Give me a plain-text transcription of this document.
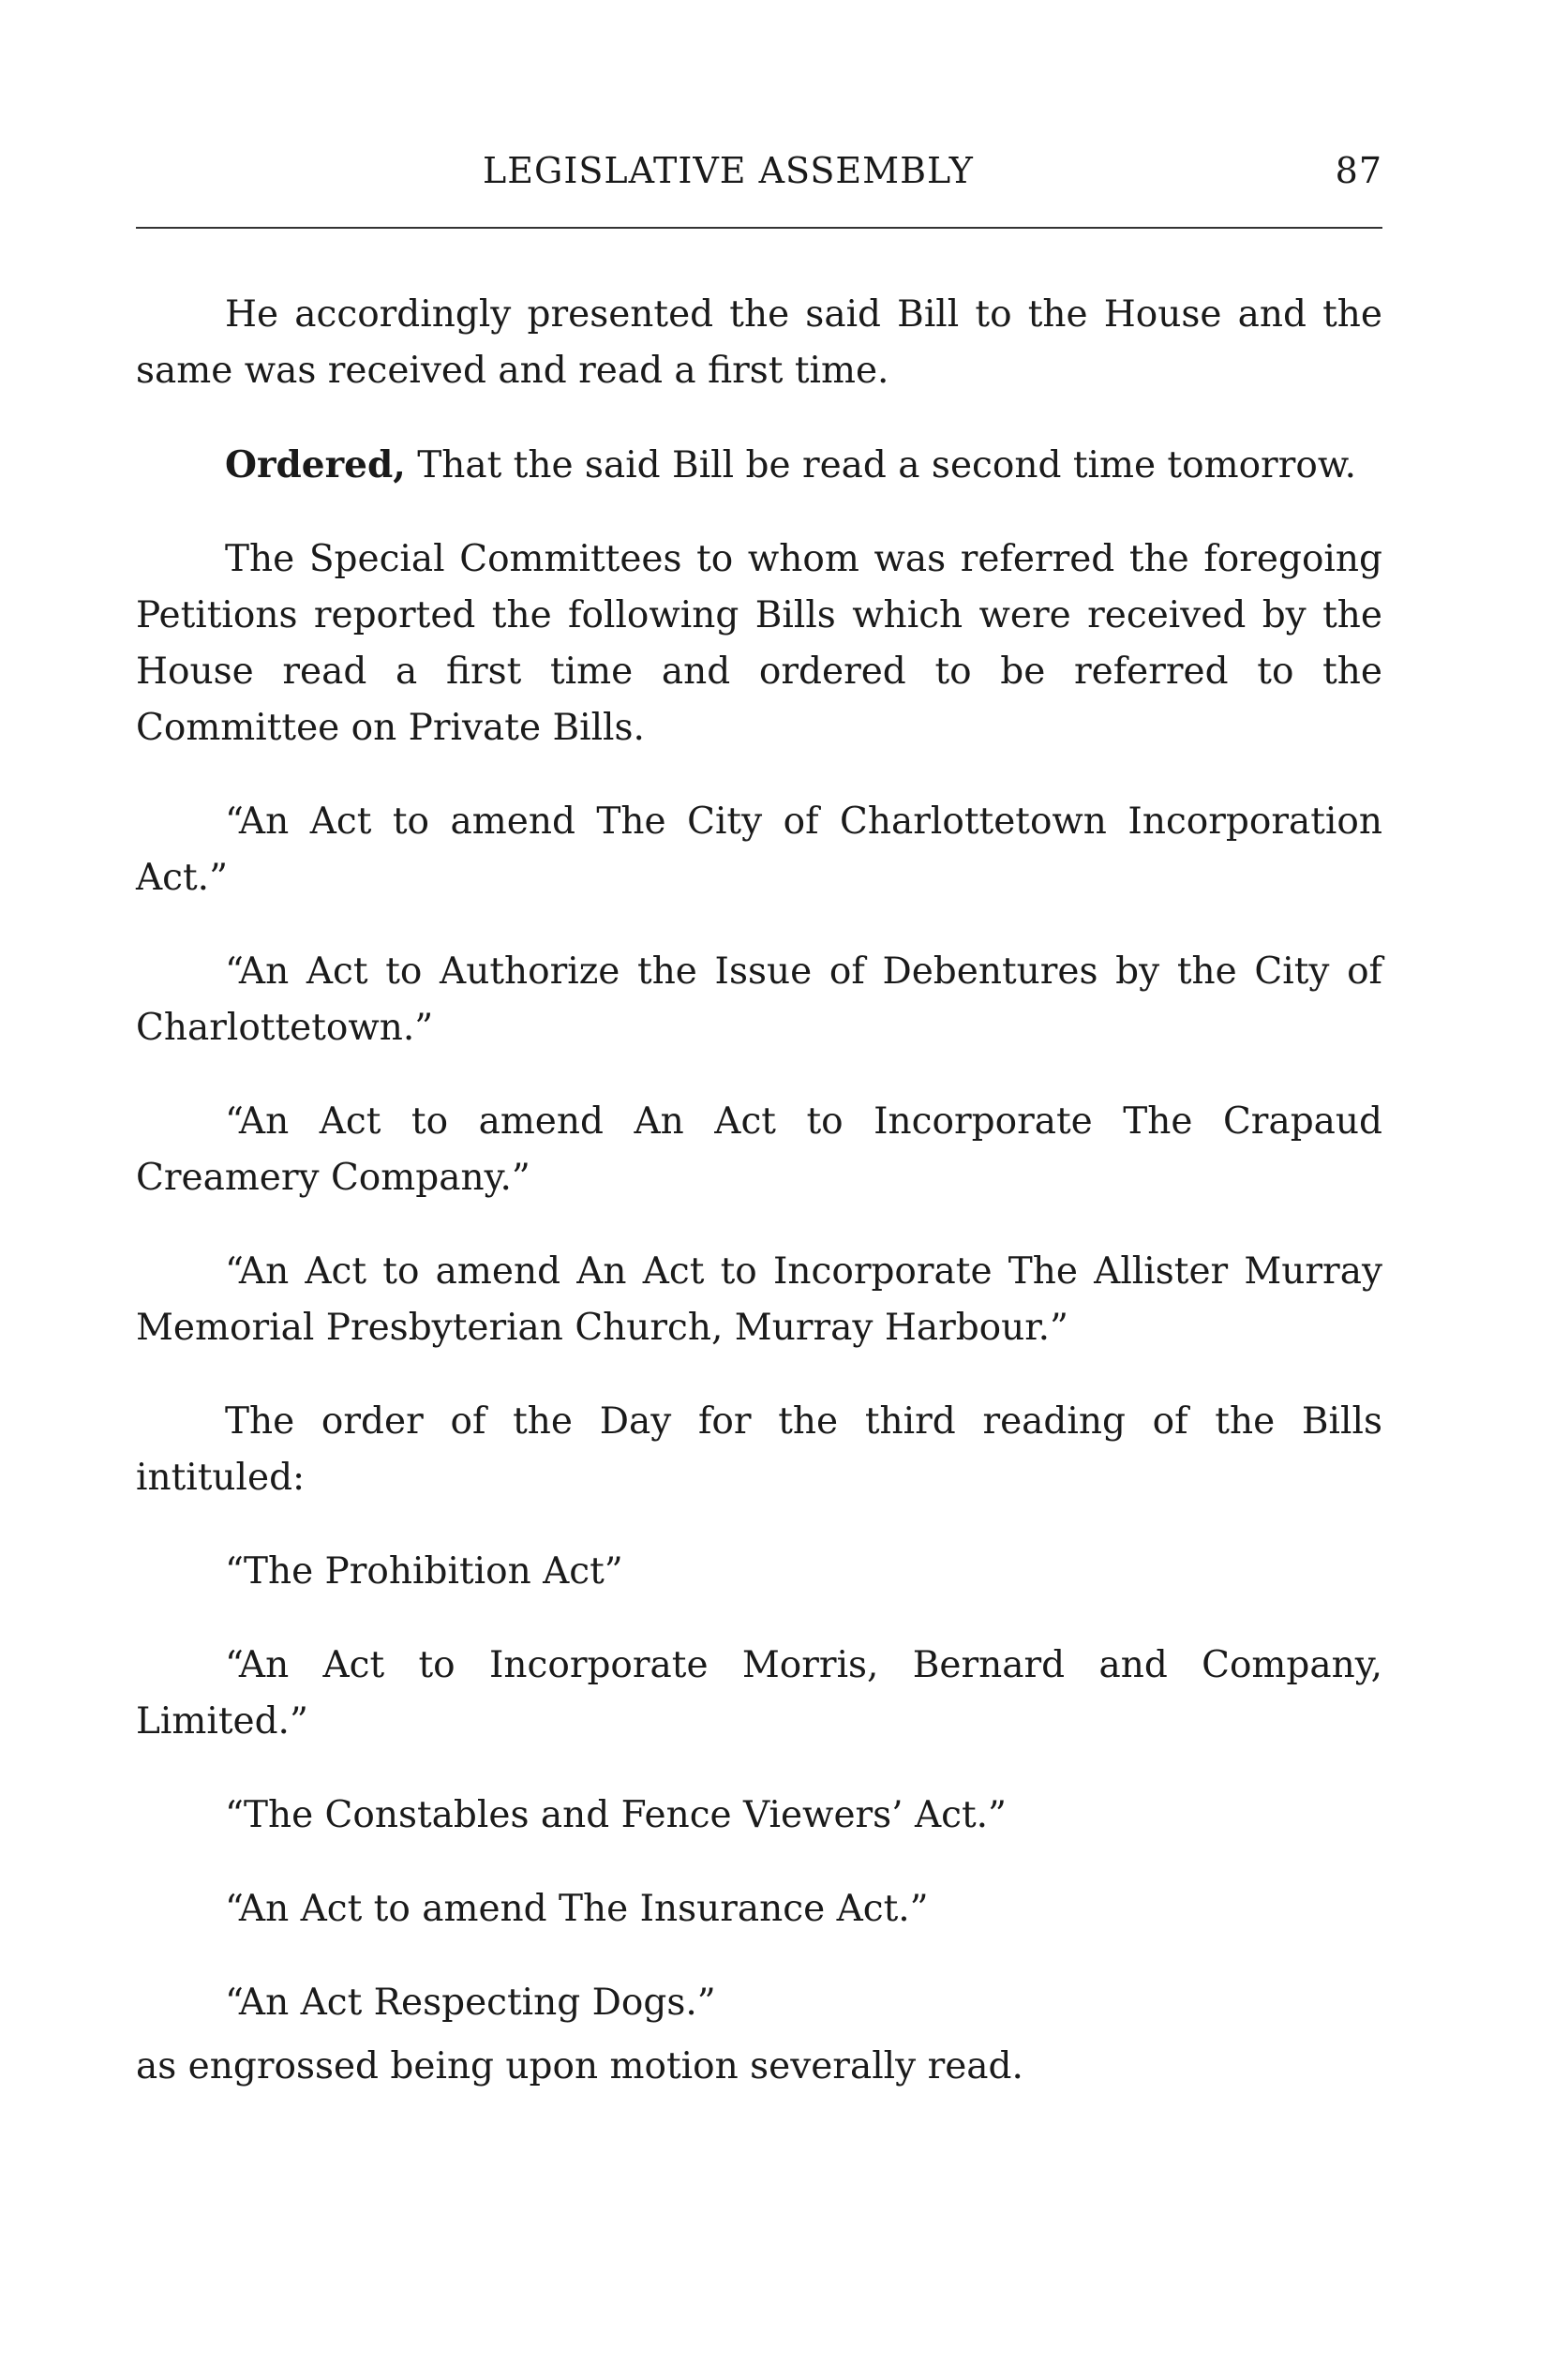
LEGISLATIVE ASSEMBLY	87

He accordingly presented the said Bill to the House and the same was received and read a first time.

Ordered, That the said Bill be read a second time tomorrow.

The Special Committees to whom was referred the foregoing Petitions reported the following Bills which were received by the House read a first time and ordered to be referred to the Committee on Private Bills.

“An Act to amend The City of Charlottetown Incorporation Act.”

“An Act to Authorize the Issue of Debentures by the City of Charlottetown.”

“An Act to amend An Act to Incorporate The Crapaud Creamery Company.”

“An Act to amend An Act to Incorporate The Allister Murray Memorial Presbyterian Church, Murray Harbour.”

The order of the Day for the third reading of the Bills intituled:

“The Prohibition Act”

“An Act to Incorporate Morris, Bernard and Company, Limited.”

“The Constables and Fence Viewers’ Act.”

“An Act to amend The Insurance Act.”

“An Act Respecting Dogs.”

as engrossed being upon motion severally read.
